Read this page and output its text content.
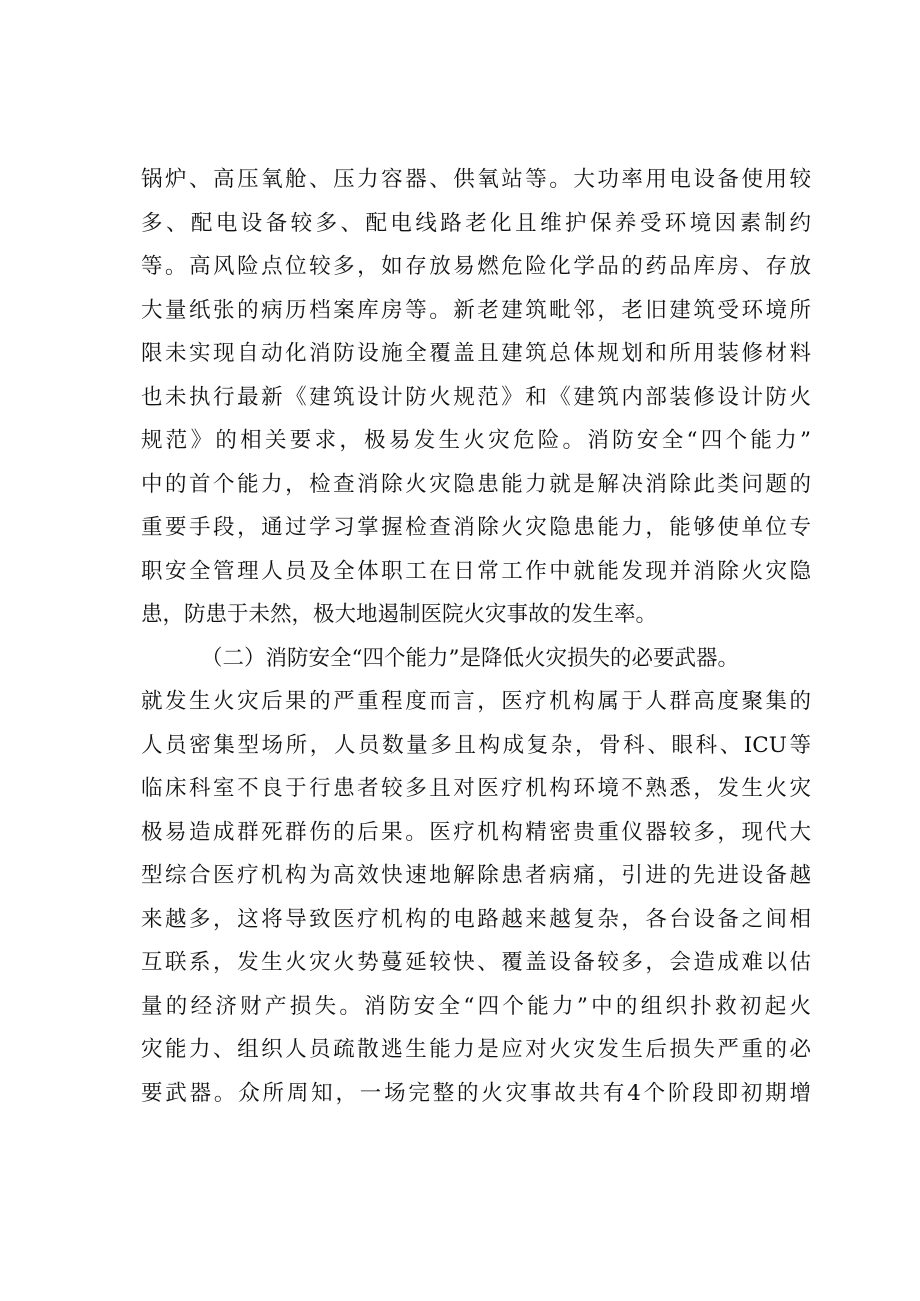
锅炉、高压氧舱、压力容器、供氧站等。大功率用电设备使用较
多、配电设备较多、配电线路老化且维护保养受环境因素制约
等。高风险点位较多，如存放易燃危险化学品的药品库房、存放
大量纸张的病历档案库房等。新老建筑毗邻，老旧建筑受环境所
限未实现自动化消防设施全覆盖且建筑总体规划和所用装修材料
也未执行最新《建筑设计防火规范》和《建筑内部装修设计防火
规范》的相关要求，极易发生火灾危险。消防安全“四个能力”
中的首个能力，检查消除火灾隐患能力就是解决消除此类问题的
重要手段，通过学习掌握检查消除火灾隐患能力，能够使单位专
职安全管理人员及全体职工在日常工作中就能发现并消除火灾隐
患，防患于未然，极大地遏制医院火灾事故的发生率。
（二）消防安全“四个能力”是降低火灾损失的必要武器。
就发生火灾后果的严重程度而言，医疗机构属于人群高度聚集的
人员密集型场所，人员数量多且构成复杂，骨科、眼科、ICU等
临床科室不良于行患者较多且对医疗机构环境不熟悉，发生火灾
极易造成群死群伤的后果。医疗机构精密贵重仪器较多，现代大
型综合医疗机构为高效快速地解除患者病痛，引进的先进设备越
来越多，这将导致医疗机构的电路越来越复杂，各台设备之间相
互联系，发生火灾火势蔓延较快、覆盖设备较多，会造成难以估
量的经济财产损失。消防安全“四个能力”中的组织扑救初起火
灾能力、组织人员疏散逃生能力是应对火灾发生后损失严重的必
要武器。众所周知，一场完整的火灾事故共有4个阶段即初期增
